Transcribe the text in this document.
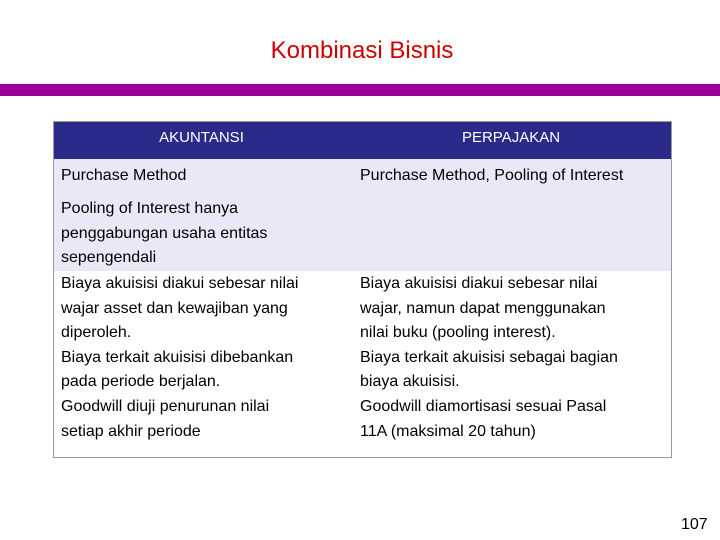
Kombinasi Bisnis
AKUNTANSI	PERPAJAKAN
Purchase Method	Purchase Method, Pooling of Interest
Pooling of Interest hanya
penggabungan usaha entitas
sepengendali
Biaya akuisisi diakui sebesar nilai
wajar asset dan kewajiban yang
diperoleh.
Biaya terkait akuisisi dibebankan
pada periode berjalan.
Goodwill diuji penurunan nilai
setiap akhir periode
Biaya akuisisi diakui sebesar nilai
wajar, namun dapat menggunakan
nilai buku (pooling interest).
Biaya terkait akuisisi sebagai bagian
biaya akuisisi.
Goodwill diamortisasi sesuai Pasal
11A (maksimal 20 tahun)
107
